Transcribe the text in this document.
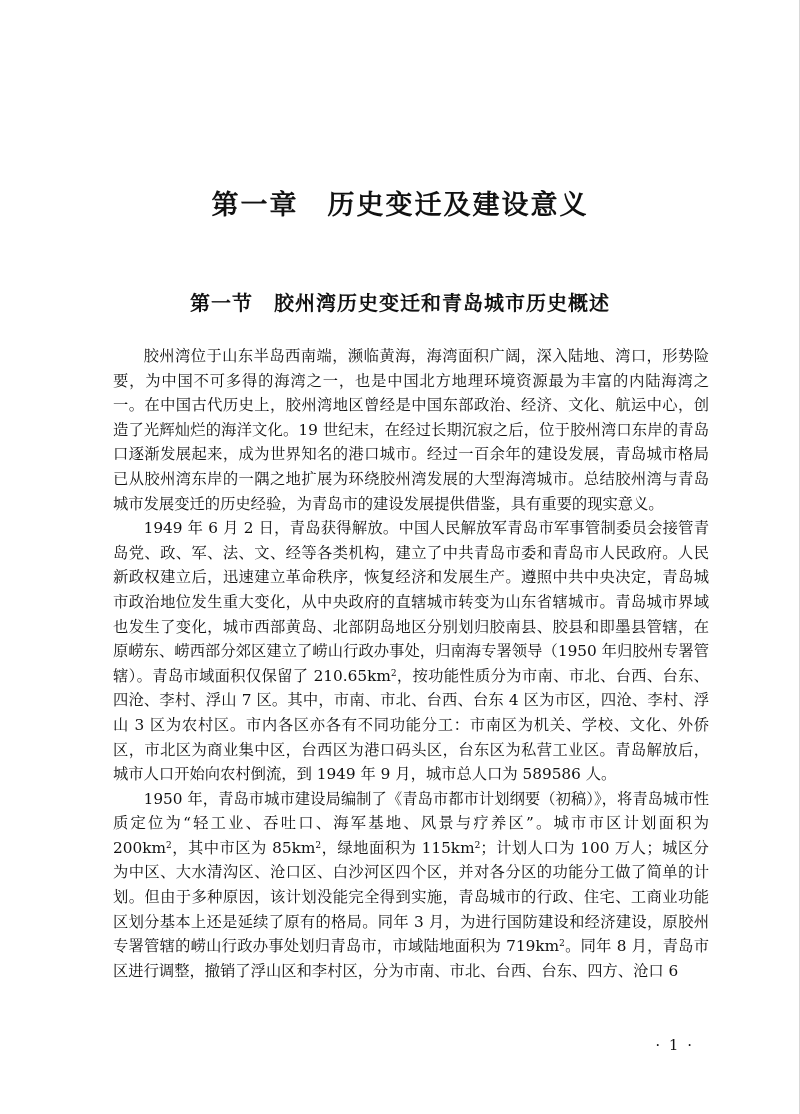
第一章　历史变迁及建设意义
第一节　胶州湾历史变迁和青岛城市历史概述

胶州湾位于山东半岛西南端，濒临黄海，海湾面积广阔，深入陆地、湾口，形势险要，为中国不可多得的海湾之一，也是中国北方地理环境资源最为丰富的内陆海湾之一。在中国古代历史上，胶州湾地区曾经是中国东部政治、经济、文化、航运中心，创造了光辉灿烂的海洋文化。19 世纪末，在经过长期沉寂之后，位于胶州湾口东岸的青岛口逐渐发展起来，成为世界知名的港口城市。经过一百余年的建设发展，青岛城市格局已从胶州湾东岸的一隅之地扩展为环绕胶州湾发展的大型海湾城市。总结胶州湾与青岛城市发展变迁的历史经验，为青岛市的建设发展提供借鉴，具有重要的现实意义。

1949 年 6 月 2 日，青岛获得解放。中国人民解放军青岛市军事管制委员会接管青岛党、政、军、法、文、经等各类机构，建立了中共青岛市委和青岛市人民政府。人民新政权建立后，迅速建立革命秩序，恢复经济和发展生产。遵照中共中央决定，青岛城市政治地位发生重大变化，从中央政府的直辖城市转变为山东省辖城市。青岛城市界域也发生了变化，城市西部黄岛、北部阴岛地区分别划归胶南县、胶县和即墨县管辖，在原崂东、崂西部分郊区建立了崂山行政办事处，归南海专署领导（1950 年归胶州专署管辖）。青岛市域面积仅保留了 $210.65km^2$，按功能性质分为市南、市北、台西、台东、四沧、李村、浮山 7 区。其中，市南、市北、台西、台东 4 区为市区，四沧、李村、浮山 3 区为农村区。市内各区亦各有不同功能分工：市南区为机关、学校、文化、外侨区，市北区为商业集中区，台西区为港口码头区，台东区为私营工业区。青岛解放后，城市人口开始向农村倒流，到 1949 年 9 月，城市总人口为 589586 人。

1950 年，青岛市城市建设局编制了《青岛市都市计划纲要（初稿）》，将青岛城市性质定位为“轻工业、吞吐口、海军基地、风景与疗养区”。城市市区计划面积为 $200km^2$，其中市区为 $85km^2$，绿地面积为 $115km^2$；计划人口为 100 万人；城区分为中区、大水清沟区、沧口区、白沙河区四个区，并对各分区的功能分工做了简单的计划。但由于多种原因，该计划没能完全得到实施，青岛城市的行政、住宅、工商业功能区划分基本上还是延续了原有的格局。同年 3 月，为进行国防建设和经济建设，原胶州专署管辖的崂山行政办事处划归青岛市，市域陆地面积为 $719km^2$。同年 8 月，青岛市区进行调整，撤销了浮山区和李村区，分为市南、市北、台西、台东、四方、沧口 6

· 1 ·
